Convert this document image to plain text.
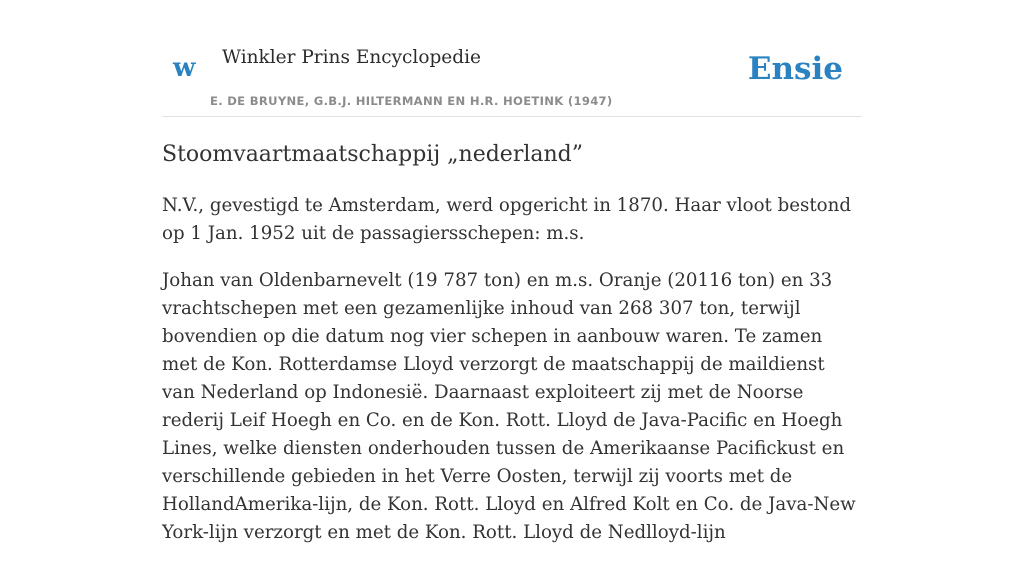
w Winkler Prins Encyclopedie
E. DE BRUYNE, G.B.J. HILTERMANN EN H.R. HOETINK (1947)
Ensie
Stoomvaartmaatschappij „nederland”

N.V., gevestigd te Amsterdam, werd opgericht in 1870. Haar vloot bestond op 1 Jan. 1952 uit de passagiersschepen: m.s.

Johan van Oldenbarnevelt (19 787 ton) en m.s. Oranje (20116 ton) en 33 vrachtschepen met een gezamenlijke inhoud van 268 307 ton, terwijl bovendien op die datum nog vier schepen in aanbouw waren. Te zamen met de Kon. Rotterdamse Lloyd verzorgt de maatschappij de maildienst van Nederland op Indonesië. Daarnaast exploiteert zij met de Noorse rederij Leif Hoegh en Co. en de Kon. Rott. Lloyd de Java-Pacific en Hoegh Lines, welke diensten onderhouden tussen de Amerikaanse Pacifickust en verschillende gebieden in het Verre Oosten, terwijl zij voorts met de HollandAmerika-lijn, de Kon. Rott. Lloyd en Alfred Kolt en Co. de Java-New York-lijn verzorgt en met de Kon. Rott. Lloyd de Nedlloyd-lijn
